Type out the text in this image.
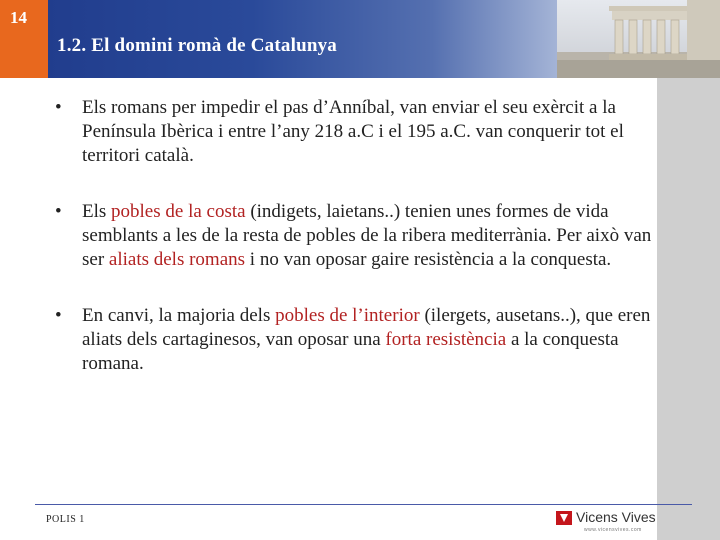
14
1.2. El domini romà de Catalunya
• Els romans per impedir el pas d’Anníbal, van enviar el seu exèrcit a la Península Ibèrica i entre l’any 218 a.C i el 195 a.C. van conquerir tot el territori català.
• Els pobles de la costa (indigets, laietans..) tenien unes formes de vida semblants a les de la resta de pobles de la ribera mediterrània. Per això van ser aliats dels romans i no van oposar gaire resistència a la conquesta.
• En canvi, la majoria dels pobles de l’interior (ilergets, ausetans..), que eren aliats dels cartaginesos, van oposar una forta resistència a la conquesta romana.
POLIS 1	Vicens Vives
www.vicensvives.com
